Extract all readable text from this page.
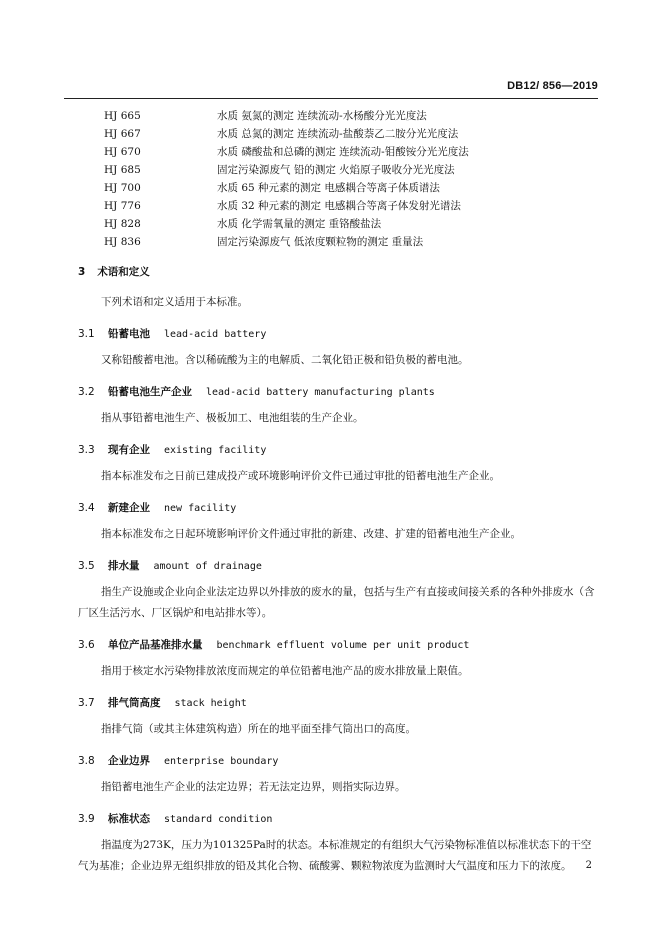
DB12/ 856—2019
HJ 665	水质 氨氮的测定 连续流动-水杨酸分光光度法
HJ 667	水质 总氮的测定 连续流动-盐酸萘乙二胺分光光度法
HJ 670	水质 磷酸盐和总磷的测定 连续流动-钼酸铵分光光度法
HJ 685	固定污染源废气 铅的测定 火焰原子吸收分光光度法
HJ 700	水质 65 种元素的测定 电感耦合等离子体质谱法
HJ 776	水质 32 种元素的测定 电感耦合等离子体发射光谱法
HJ 828	水质 化学需氧量的测定 重铬酸盐法
HJ 836	固定污染源废气 低浓度颗粒物的测定 重量法
3 术语和定义
下列术语和定义适用于本标准。
3.1 铅蓄电池 lead-acid battery
又称铅酸蓄电池。含以稀硫酸为主的电解质、二氧化铅正极和铅负极的蓄电池。
3.2 铅蓄电池生产企业 lead-acid battery manufacturing plants
指从事铅蓄电池生产、极板加工、电池组装的生产企业。
3.3 现有企业 existing facility
指本标准发布之日前已建成投产或环境影响评价文件已通过审批的铅蓄电池生产企业。
3.4 新建企业 new facility
指本标准发布之日起环境影响评价文件通过审批的新建、改建、扩建的铅蓄电池生产企业。
3.5 排水量 amount of drainage
指生产设施或企业向企业法定边界以外排放的废水的量，包括与生产有直接或间接关系的各种外排废水（含厂区生活污水、厂区锅炉和电站排水等）。
3.6 单位产品基准排水量 benchmark effluent volume per unit product
指用于核定水污染物排放浓度而规定的单位铅蓄电池产品的废水排放量上限值。
3.7 排气筒高度 stack height
指排气筒（或其主体建筑构造）所在的地平面至排气筒出口的高度。
3.8 企业边界 enterprise boundary
指铅蓄电池生产企业的法定边界；若无法定边界，则指实际边界。
3.9 标准状态 standard condition
指温度为273K，压力为101325Pa时的状态。本标准规定的有组织大气污染物标准值以标准状态下的干空气为基准；企业边界无组织排放的铅及其化合物、硫酸雾、颗粒物浓度为监测时大气温度和压力下的浓度。	2
